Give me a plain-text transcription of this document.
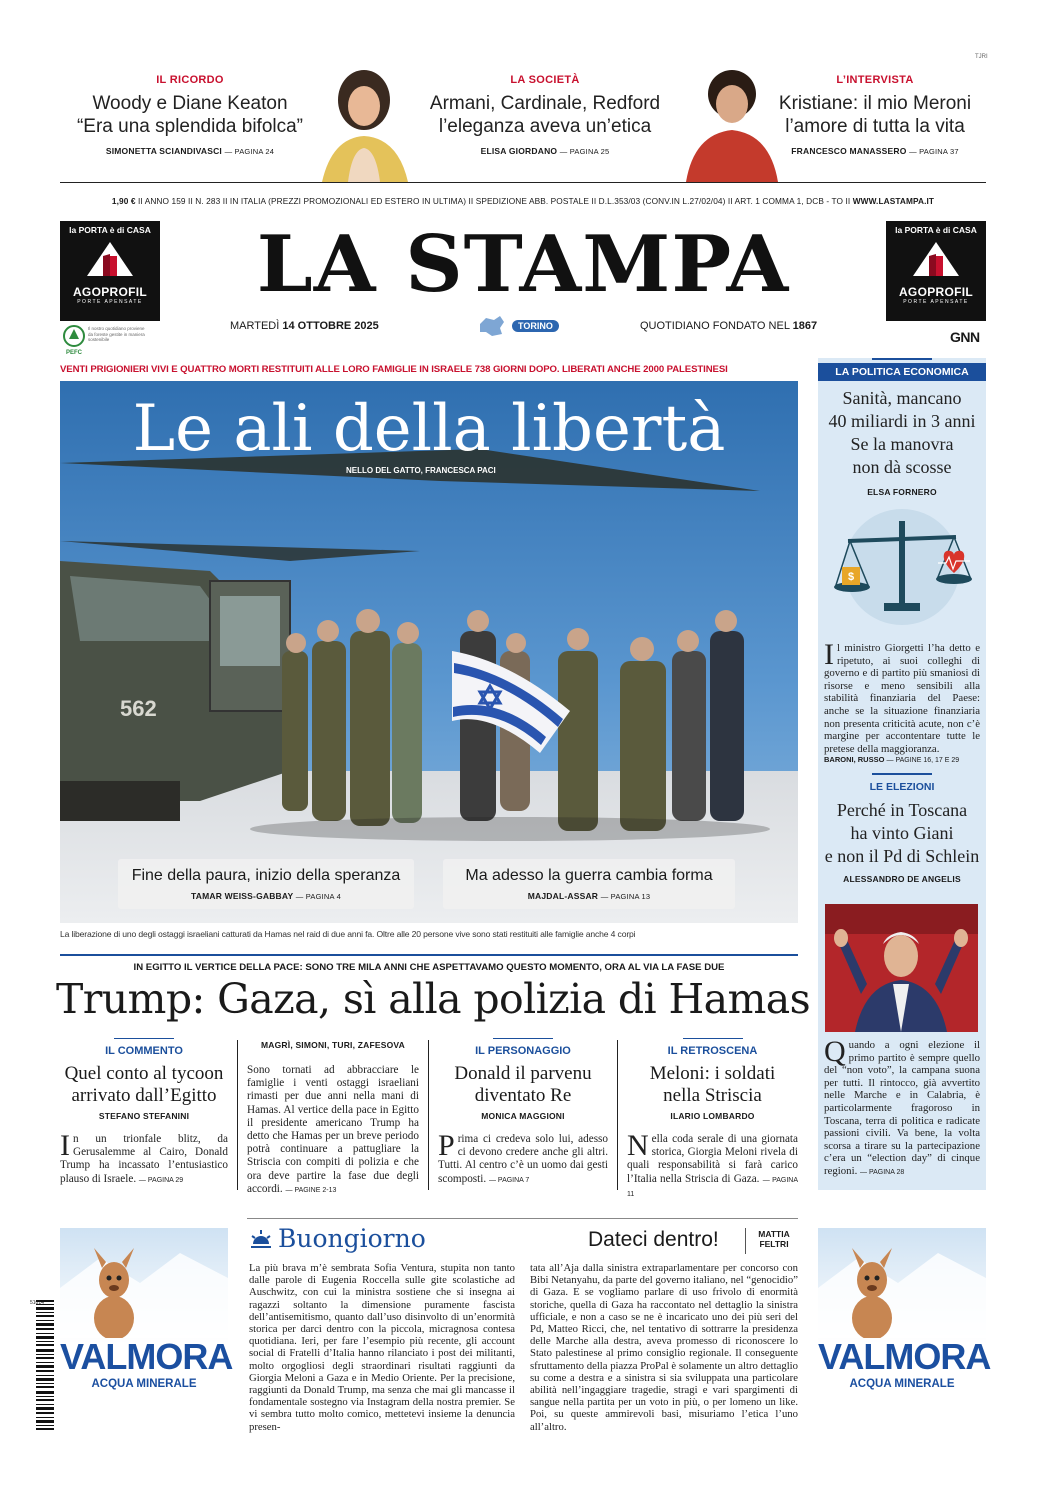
TJRI
IL RICORDO
Woody e Diane Keaton
“Era una splendida bifolca”
SIMONETTA SCIANDIVASCI — PAGINA 24
LA SOCIETÀ
Armani, Cardinale, Redford
l’eleganza aveva un’etica
ELISA GIORDANO — PAGINA 25
L’INTERVISTA
Kristiane: il mio Meroni
l’amore di tutta la vita
FRANCESCO MANASSERO — PAGINA 37
1,90 € II ANNO 159 II N. 283 II IN ITALIA (PREZZI PROMOZIONALI ED ESTERO IN ULTIMA) II SPEDIZIONE ABB. POSTALE II D.L.353/03 (CONV.IN L.27/02/04) II ART. 1 COMMA 1, DCB - TO II WWW.LASTAMPA.IT
la PORTA è di CASA
AGOPROFIL
PORTE APENSATE
PEFC
Il nostro quotidiano proviene da foreste gestite in maniera sostenibile
LA STAMPA
MARTEDÌ 14 OTTOBRE 2025	TORINO	QUOTIDIANO FONDATO NEL 1867
la PORTA è di CASA
AGOPROFIL
PORTE APENSATE
GNN
VENTI PRIGIONIERI VIVI E QUATTRO MORTI RESTITUITI ALLE LORO FAMIGLIE IN ISRAELE 738 GIORNI DOPO. LIBERATI ANCHE 2000 PALESTINESI
562
Le ali della libertà
NELLO DEL GATTO, FRANCESCA PACI
Fine della paura, inizio della speranza
TAMAR WEISS-GABBAY — PAGINA 4
Ma adesso la guerra cambia forma
MAJDAL-ASSAR — PAGINA 13
La liberazione di uno degli ostaggi israeliani catturati da Hamas nel raid di due anni fa. Oltre alle 20 persone vive sono stati restituiti alle famiglie anche 4 corpi
IN EGITTO IL VERTICE DELLA PACE: SONO TRE MILA ANNI CHE ASPETTAVAMO QUESTO MOMENTO, ORA AL VIA LA FASE DUE
Trump: Gaza, sì alla polizia di Hamas
IL COMMENTO
Quel conto al tycoon
arrivato dall’Egitto
STEFANO STEFANINI
In un trionfale blitz, da Gerusalemme al Cairo, Donald Trump ha incassato l’entusiastico plauso di Israele. — PAGINA 29
MAGRÌ, SIMONI, TURI, ZAFESOVA
Sono tornati ad abbracciare le famiglie i venti ostaggi israeliani rimasti per due anni nella mani di Hamas. Al vertice della pace in Egitto il presidente americano Trump ha detto che Hamas per un breve periodo potrà continuare a pattugliare la Striscia con compiti di polizia e che ora deve partire la fase due degli accordi. — PAGINE 2-13
IL PERSONAGGIO
Donald il parvenu
diventato Re
MONICA MAGGIONI
Prima ci credeva solo lui, adesso ci devono credere anche gli altri. Tutti. Al centro c’è un uomo dai gesti scomposti. — PAGINA 7
IL RETROSCENA
Meloni: i soldati
nella Striscia
ILARIO LOMBARDO
Nella coda serale di una giornata storica, Giorgia Meloni rivela di quali responsabilità si farà carico l’Italia nella Striscia di Gaza. — PAGINA 11
LA POLITICA ECONOMICA
Sanità, mancano
40 miliardi in 3 anni
Se la manovra
non dà scosse
ELSA FORNERO
$
Il ministro Giorgetti l’ha detto e ripetuto, ai suoi colleghi di governo e di partito più smaniosi di risorse e meno sensibili alla stabilità finanziaria del Paese: anche se la situazione finanziaria non presenta criticità acute, non c’è margine per accontentare tutte le pretese della maggioranza.
BARONI, RUSSO — PAGINE 16, 17 E 29
LE ELEZIONI
Perché in Toscana
ha vinto Giani
e non il Pd di Schlein
ALESSANDRO DE ANGELIS
Quando a ogni elezione il primo partito è sempre quello del “non voto”, la campana suona per tutti. Il rintocco, già avvertito nelle Marche e in Calabria, è particolarmente fragoroso in Toscana, terra di politica e radicate passioni civili. Va bene, la volta scorsa a tirare su la partecipazione c’era un “election day” di cinque regioni. — PAGINA 28
VALMORA
ACQUA MINERALE
VALMORA
ACQUA MINERALE
51014
Buongiorno	Dateci dentro!	MATTIA
FELTRI
La più brava m’è sembrata Sofia Ventura, stupita non tanto dalle parole di Eugenia Roccella sulle gite scolastiche ad Auschwitz, con cui la ministra sostiene che si insegna ai ragazzi soltanto la dimensione puramente fascista dell’antisemitismo, quanto dall’uso disinvolto di un’enormità storica per darci dentro con la piccola, micragnosa contesa quotidiana. Ieri, per fare l’esempio più recente, gli account social di Fratelli d’Italia hanno rilanciato i post dei militanti, molto orgogliosi degli straordinari risultati raggiunti da Giorgia Meloni a Gaza e in Medio Oriente. Per la precisione, raggiunti da Donald Trump, ma senza che mai gli mancasse il fondamentale sostegno via Instagram della nostra premier. Se vi sembra tutto molto comico, mettetevi insieme la denuncia presen-
tata all’Aja dalla sinistra extraparlamentare per concorso con Bibi Netanyahu, da parte del governo italiano, nel “genocidio” di Gaza. E se vogliamo parlare di uso frivolo di enormità storiche, quella di Gaza ha raccontato nel dettaglio la sinistra ufficiale, e non a caso se ne è incaricato uno dei più seri del Pd, Matteo Ricci, che, nel tentativo di sottrarre la presidenza delle Marche alla destra, aveva promesso di riconoscere lo Stato palestinese al primo consiglio regionale. Il conseguente sfruttamento della piazza ProPal è solamente un altro dettaglio su come a destra e a sinistra si sia sviluppata una particolare abilità nell’ingaggiare tragedie, stragi e vari spargimenti di sangue nella partita per un voto in più, o per lomeno un like. Poi, su queste ammirevoli basi, misuriamo l’etica l’uno all’altro.
